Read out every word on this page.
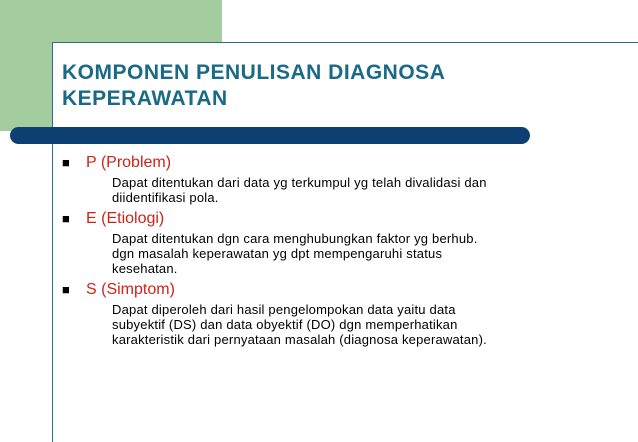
KOMPONEN PENULISAN DIAGNOSA
KEPERAWATAN
■	P (Problem)
Dapat ditentukan dari data yg terkumpul yg telah divalidasi dan
diidentifikasi pola.
■	E (Etiologi)
Dapat ditentukan dgn cara menghubungkan faktor yg berhub.
dgn masalah keperawatan yg dpt mempengaruhi status
kesehatan.
■	S (Simptom)
Dapat diperoleh dari hasil pengelompokan data yaitu data
subyektif (DS) dan data obyektif (DO) dgn memperhatikan
karakteristik dari pernyataan masalah (diagnosa keperawatan).
